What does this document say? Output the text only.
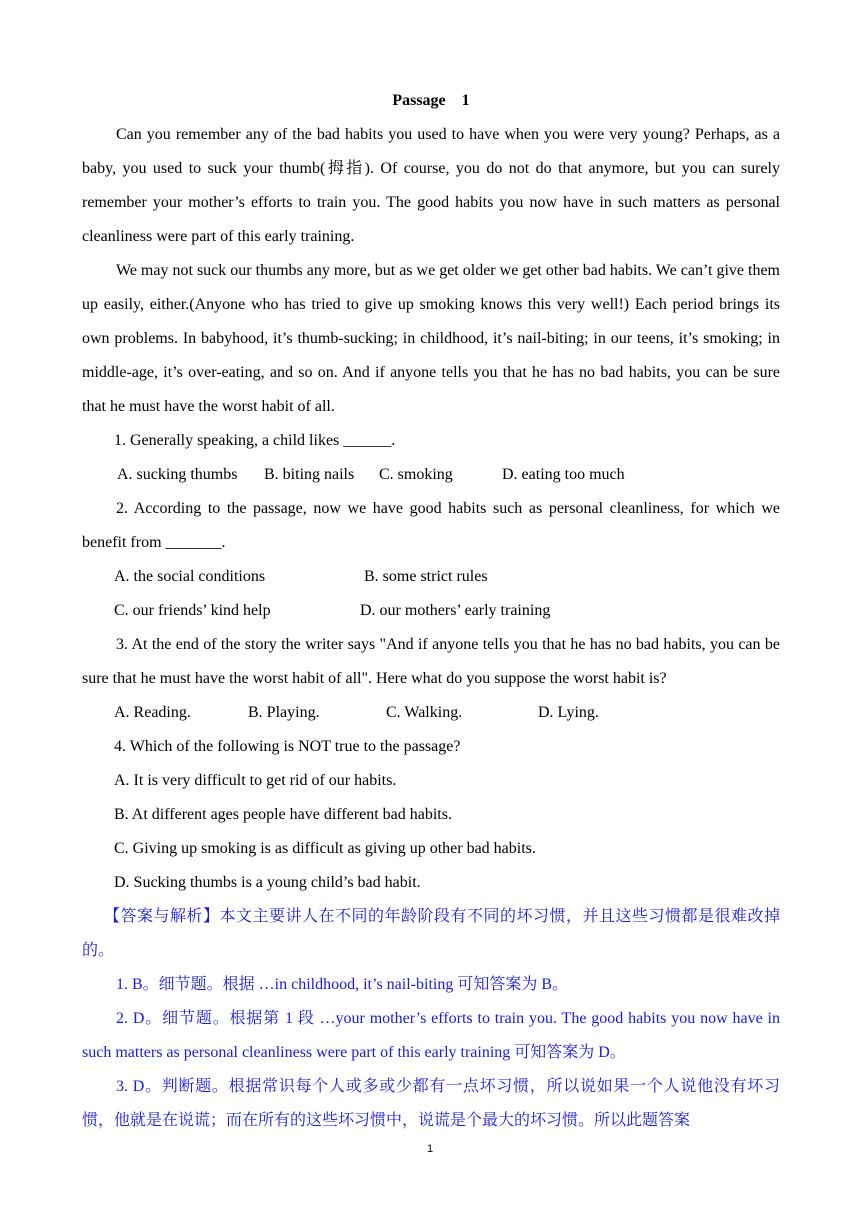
Passage    1

Can you remember any of the bad habits you used to have when you were very young? Perhaps, as a baby, you used to suck your thumb(拇指). Of course, you do not do that anymore, but you can surely remember your mother’s efforts to train you. The good habits you now have in such matters as personal cleanliness were part of this early training.

We may not suck our thumbs any more, but as we get older we get other bad habits. We can’t give them up easily, either.(Anyone who has tried to give up smoking knows this very well!) Each period brings its own problems. In babyhood, it’s thumb-sucking; in childhood, it’s nail-biting; in our teens, it’s smoking; in middle-age, it’s over-eating, and so on. And if anyone tells you that he has no bad habits, you can be sure that he must have the worst habit of all.

1. Generally speaking, a child likes ______.
A. sucking thumbs B. biting nails C. smoking	D. eating too much

2. According to the passage, now we have good habits such as personal cleanliness, for which we benefit from _______.

A. the social conditions	B. some strict rules
C. our friends’ kind help	D. our mothers’ early training

3. At the end of the story the writer says "And if anyone tells you that he has no bad habits, you can be sure that he must have the worst habit of all". Here what do you suppose the worst habit is?

A. Reading.	B. Playing.	C. Walking.	D. Lying.
4. Which of the following is NOT true to the passage?
A. It is very difficult to get rid of our habits.
B. At different ages people have different bad habits.
C. Giving up smoking is as difficult as giving up other bad habits.
D. Sucking thumbs is a young child’s bad habit.

【答案与解析】本文主要讲人在不同的年龄阶段有不同的坏习惯，并且这些习惯都是很难改掉的。

1. B。细节题。根据 …in childhood, it’s nail-biting 可知答案为 B。

2. D。细节题。根据第 1 段 …your mother’s efforts to train you. The good habits you now have in such matters as personal cleanliness were part of this early training 可知答案为 D。

3. D。判断题。根据常识每个人或多或少都有一点坏习惯，所以说如果一个人说他没有坏习惯，他就是在说谎；而在所有的这些坏习惯中，说谎是个最大的坏习惯。所以此题答案

1
